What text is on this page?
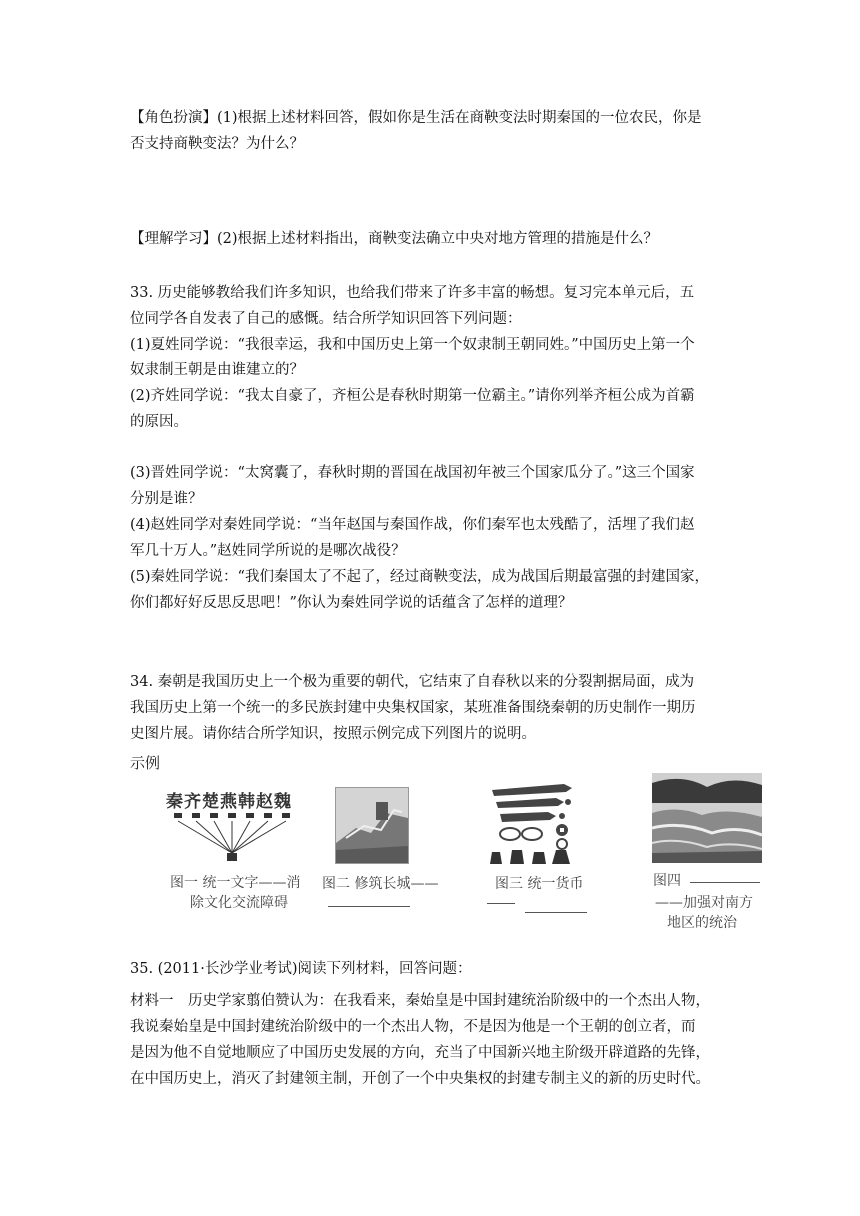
【角色扮演】(1)根据上述材料回答，假如你是生活在商鞅变法时期秦国的一位农民，你是
否支持商鞅变法？为什么？
【理解学习】(2)根据上述材料指出，商鞅变法确立中央对地方管理的措施是什么？
33. 历史能够教给我们许多知识，也给我们带来了许多丰富的畅想。复习完本单元后，五
位同学各自发表了自己的感慨。结合所学知识回答下列问题：
(1)夏姓同学说：“我很幸运，我和中国历史上第一个奴隶制王朝同姓。”中国历史上第一个
奴隶制王朝是由谁建立的？
(2)齐姓同学说：“我太自豪了，齐桓公是春秋时期第一位霸主。”请你列举齐桓公成为首霸
的原因。
(3)晋姓同学说：“太窝囊了，春秋时期的晋国在战国初年被三个国家瓜分了。”这三个国家
分别是谁？
(4)赵姓同学对秦姓同学说：“当年赵国与秦国作战，你们秦军也太残酷了，活埋了我们赵
军几十万人。”赵姓同学所说的是哪次战役？
(5)秦姓同学说：“我们秦国太了不起了，经过商鞅变法，成为战国后期最富强的封建国家，
你们都好好反思反思吧！”你认为秦姓同学说的话蕴含了怎样的道理？
34. 秦朝是我国历史上一个极为重要的朝代，它结束了自春秋以来的分裂割据局面，成为
我国历史上第一个统一的多民族封建中央集权国家，某班准备围绕秦朝的历史制作一期历
史图片展。请你结合所学知识，按照示例完成下列图片的说明。
示例
秦齐楚燕韩赵魏
图一 统一文字——消
除文化交流障碍
图二 修筑长城——	图三 统一货币	图四
——加强对南方
地区的统治
35. (2011·长沙学业考试)阅读下列材料，回答问题：
材料一　历史学家翦伯赞认为：在我看来，秦始皇是中国封建统治阶级中的一个杰出人物，
我说秦始皇是中国封建统治阶级中的一个杰出人物，不是因为他是一个王朝的创立者，而
是因为他不自觉地顺应了中国历史发展的方向，充当了中国新兴地主阶级开辟道路的先锋，
在中国历史上，消灭了封建领主制，开创了一个中央集权的封建专制主义的新的历史时代。
